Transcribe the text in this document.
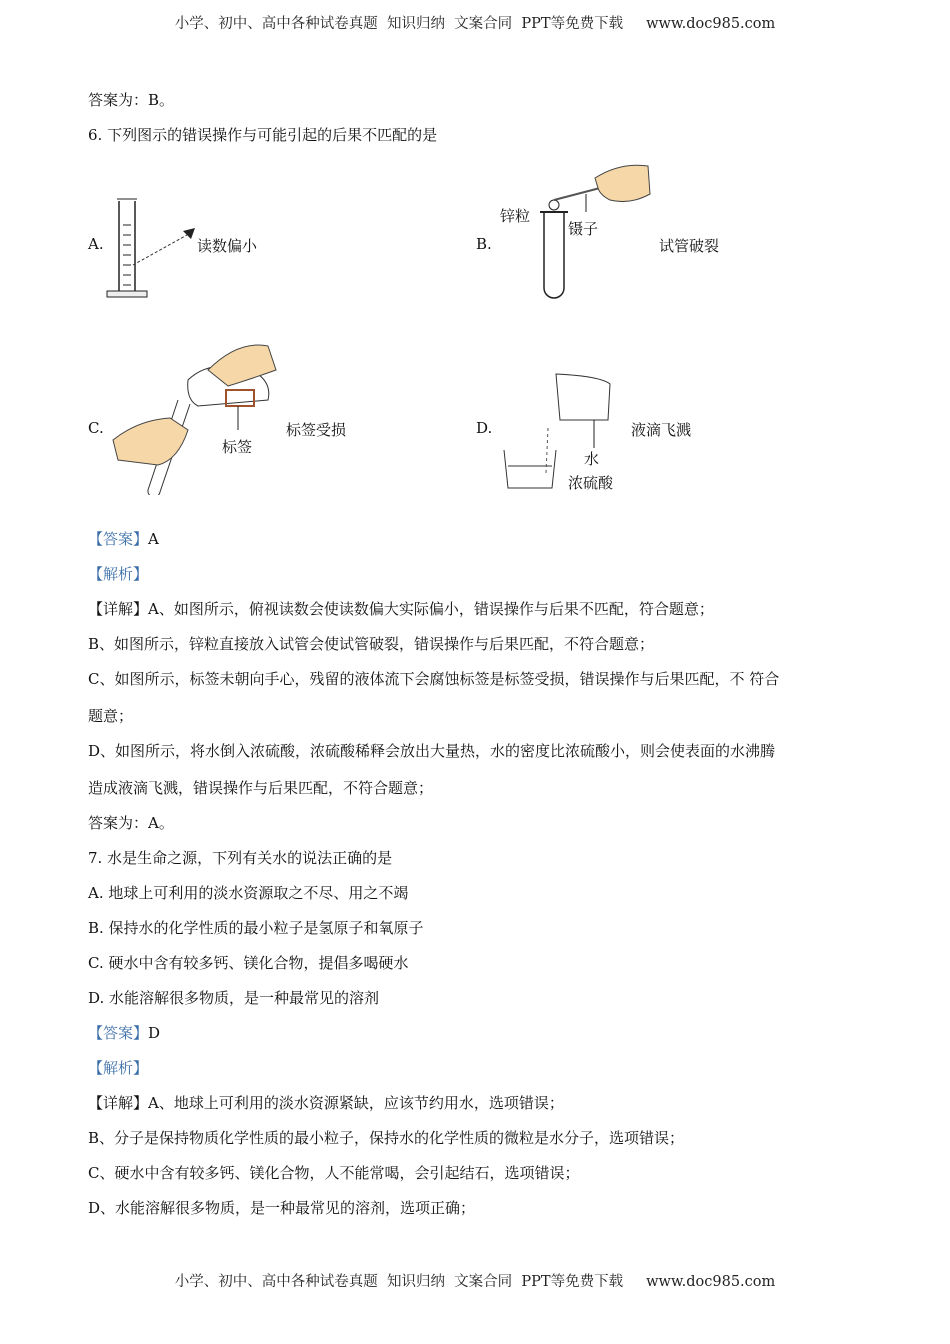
小学、初中、高中各种试卷真题  知识归纳  文案合同  PPT等免费下载     www.doc985.com
答案为：B。
6. 下列图示的错误操作与可能引起的后果不匹配的是
A.	读数偏小	B.
锌粒
镊子
试管破裂
C.
标签
标签受损	D.
水
浓硫酸
液滴飞溅
【答案】A
【解析】
【详解】A、如图所示，俯视读数会使读数偏大实际偏小，错误操作与后果不匹配，符合题意；
B、如图所示，锌粒直接放入试管会使试管破裂，错误操作与后果匹配，不符合题意；
C、如图所示，标签未朝向手心，残留的液体流下会腐蚀标签是标签受损，错误操作与后果匹配，不 符合
题意；
D、如图所示，将水倒入浓硫酸，浓硫酸稀释会放出大量热，水的密度比浓硫酸小，则会使表面的水沸腾
造成液滴飞溅，错误操作与后果匹配，不符合题意；
答案为：A。
7. 水是生命之源，下列有关水的说法正确的是
A. 地球上可利用的淡水资源取之不尽、用之不竭
B. 保持水的化学性质的最小粒子是氢原子和氧原子
C. 硬水中含有较多钙、镁化合物，提倡多喝硬水
D. 水能溶解很多物质，是一种最常见的溶剂
【答案】D
【解析】
【详解】A、地球上可利用的淡水资源紧缺，应该节约用水，选项错误；
B、分子是保持物质化学性质的最小粒子，保持水的化学性质的微粒是水分子，选项错误；
C、硬水中含有较多钙、镁化合物，人不能常喝，会引起结石，选项错误；
D、水能溶解很多物质，是一种最常见的溶剂，选项正确；
小学、初中、高中各种试卷真题  知识归纳  文案合同  PPT等免费下载     www.doc985.com
